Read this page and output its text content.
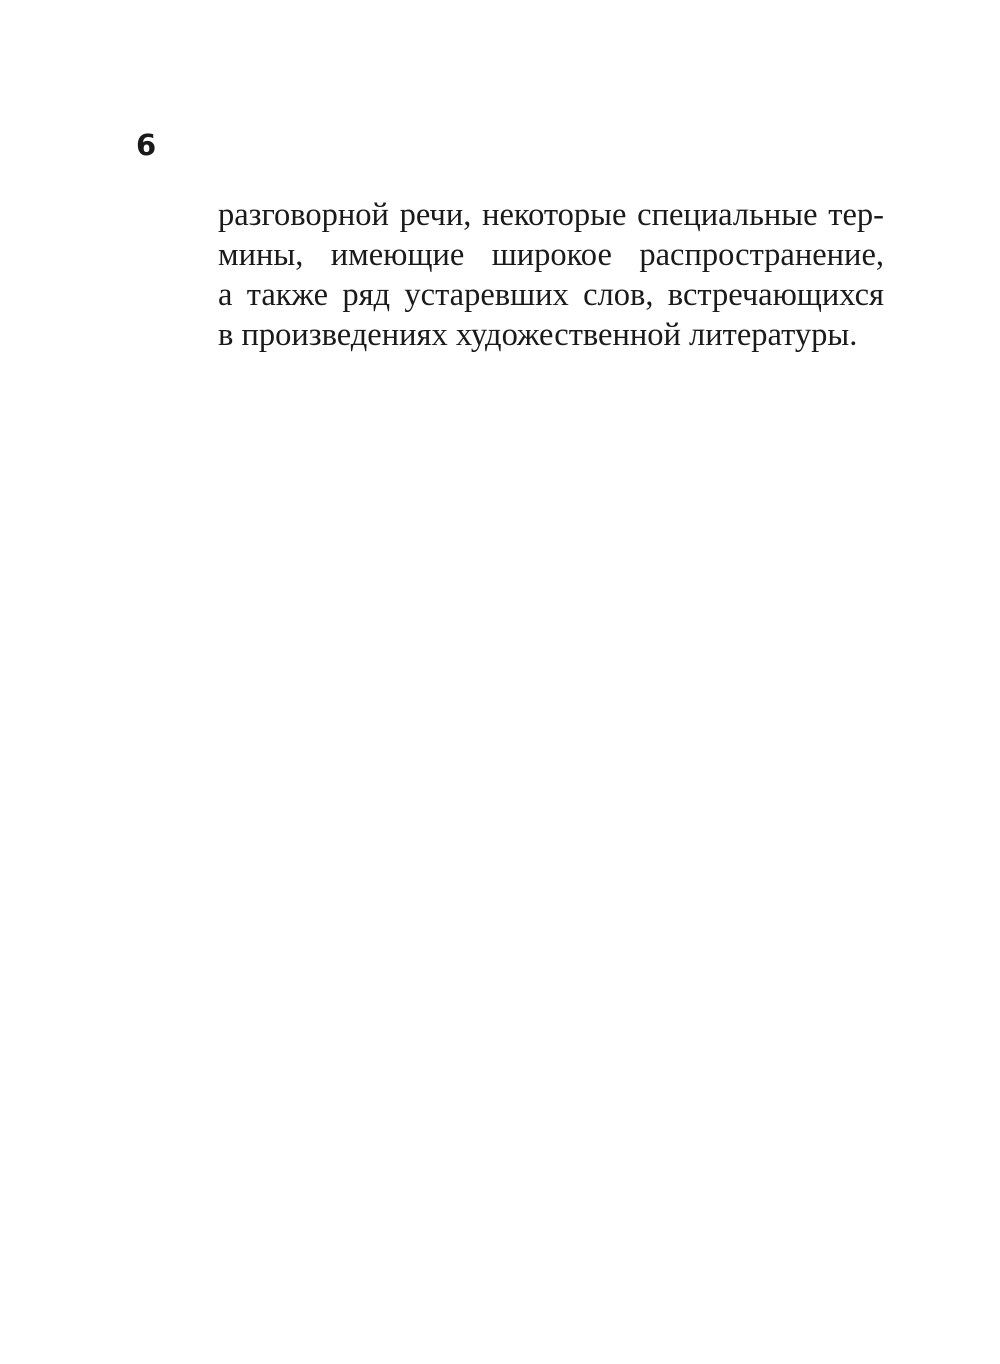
6
разговорной речи, некоторые специальные тер-
мины, имеющие широкое распространение,
а также ряд устаревших слов, встречающихся
в произведениях художественной литературы.
